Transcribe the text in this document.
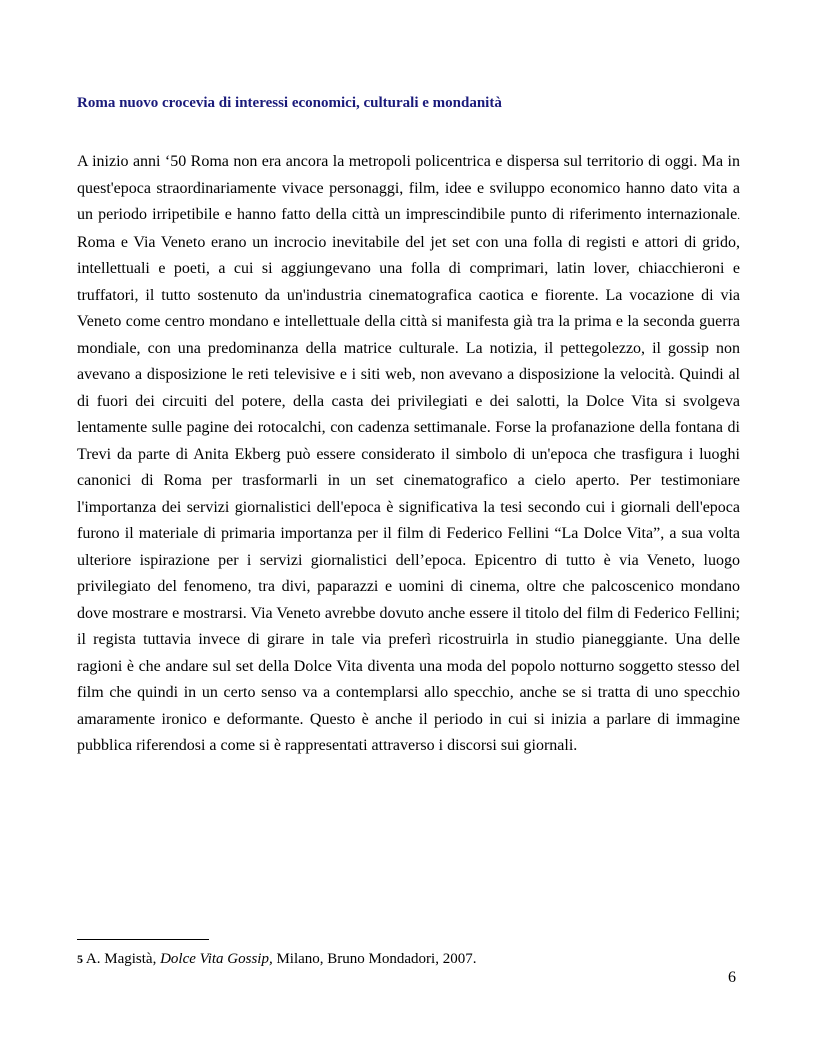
Roma nuovo crocevia di interessi economici, culturali e mondanità

A inizio anni ‘50 Roma non era ancora la metropoli policentrica e dispersa sul territorio di oggi. Ma in quest'epoca straordinariamente vivace personaggi, film, idee e sviluppo economico hanno dato vita a un periodo irripetibile e hanno fatto della città un imprescindibile punto di riferimento internazionale. Roma e Via Veneto erano un incrocio inevitabile del jet set con una folla di registi e attori di grido, intellettuali e poeti, a cui si aggiungevano una folla di comprimari, latin lover, chiacchieroni e truffatori, il tutto sostenuto da un'industria cinematografica caotica e fiorente. La vocazione di via Veneto come centro mondano e intellettuale della città si manifesta già tra la prima e la seconda guerra mondiale, con una predominanza della matrice culturale. La notizia, il pettegolezzo, il gossip non avevano a disposizione le reti televisive e i siti web, non avevano a disposizione la velocità. Quindi al di fuori dei circuiti del potere, della casta dei privilegiati e dei salotti, la Dolce Vita si svolgeva lentamente sulle pagine dei rotocalchi, con cadenza settimanale. Forse la profanazione della fontana di Trevi da parte di Anita Ekberg può essere considerato il simbolo di un'epoca che trasfigura i luoghi canonici di Roma per trasformarli in un set cinematografico a cielo aperto. Per testimoniare l'importanza dei servizi giornalistici dell'epoca è significativa la tesi secondo cui i giornali dell'epoca furono il materiale di primaria importanza per il film di Federico Fellini “La Dolce Vita”, a sua volta ulteriore ispirazione per i servizi giornalistici dell’epoca. Epicentro di tutto è via Veneto, luogo privilegiato del fenomeno, tra divi, paparazzi e uomini di cinema, oltre che palcoscenico mondano dove mostrare e mostrarsi. Via Veneto avrebbe dovuto anche essere il titolo del film di Federico Fellini; il regista tuttavia invece di girare in tale via preferì ricostruirla in studio pianeggiante. Una delle ragioni è che andare sul set della Dolce Vita diventa una moda del popolo notturno soggetto stesso del film che quindi in un certo senso va a contemplarsi allo specchio, anche se si tratta di uno specchio amaramente ironico e deformante. Questo è anche il periodo in cui si inizia a parlare di immagine pubblica riferendosi a come si è rappresentati attraverso i discorsi sui giornali.

5 A. Magistà, Dolce Vita Gossip, Milano, Bruno Mondadori, 2007.

6
